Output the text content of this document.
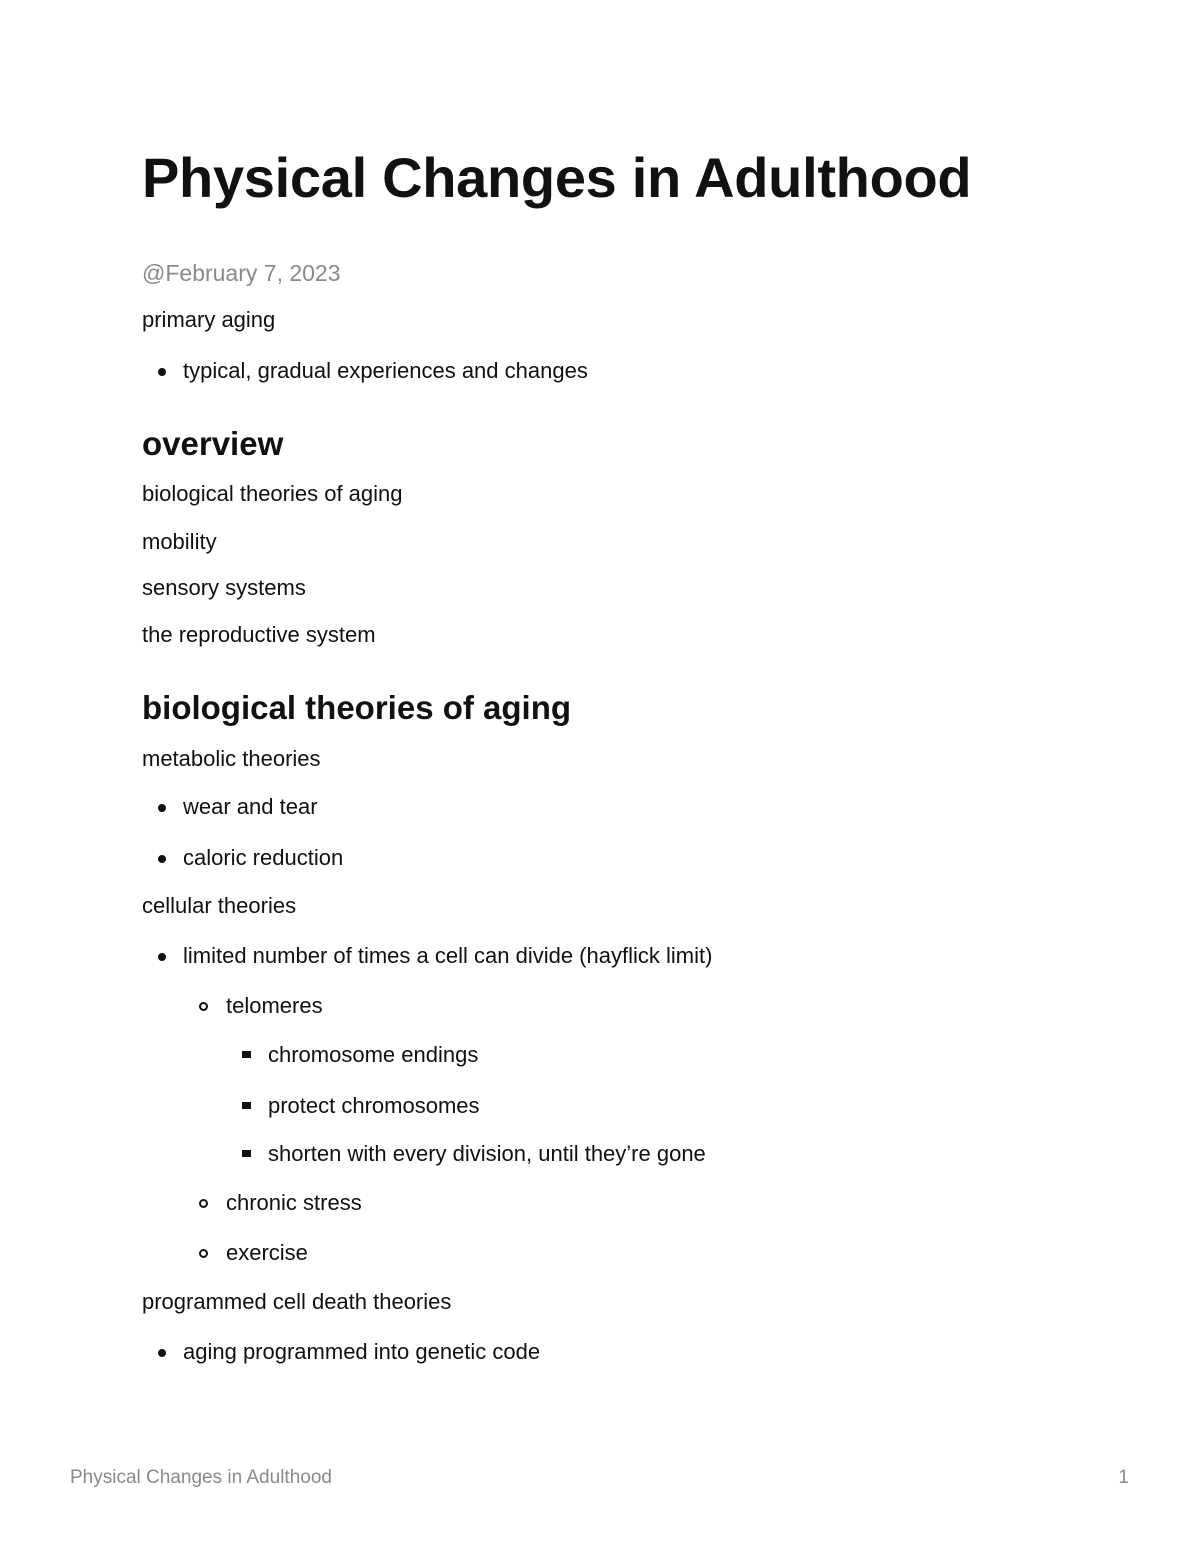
Physical Changes in Adulthood
@February 7, 2023
primary aging
typical, gradual experiences and changes
overview
biological theories of aging
mobility
sensory systems
the reproductive system
biological theories of aging
metabolic theories
wear and tear
caloric reduction
cellular theories
limited number of times a cell can divide (hayflick limit)
telomeres
chromosome endings
protect chromosomes
shorten with every division, until they’re gone
chronic stress
exercise
programmed cell death theories
aging programmed into genetic code
Physical Changes in Adulthood	1
